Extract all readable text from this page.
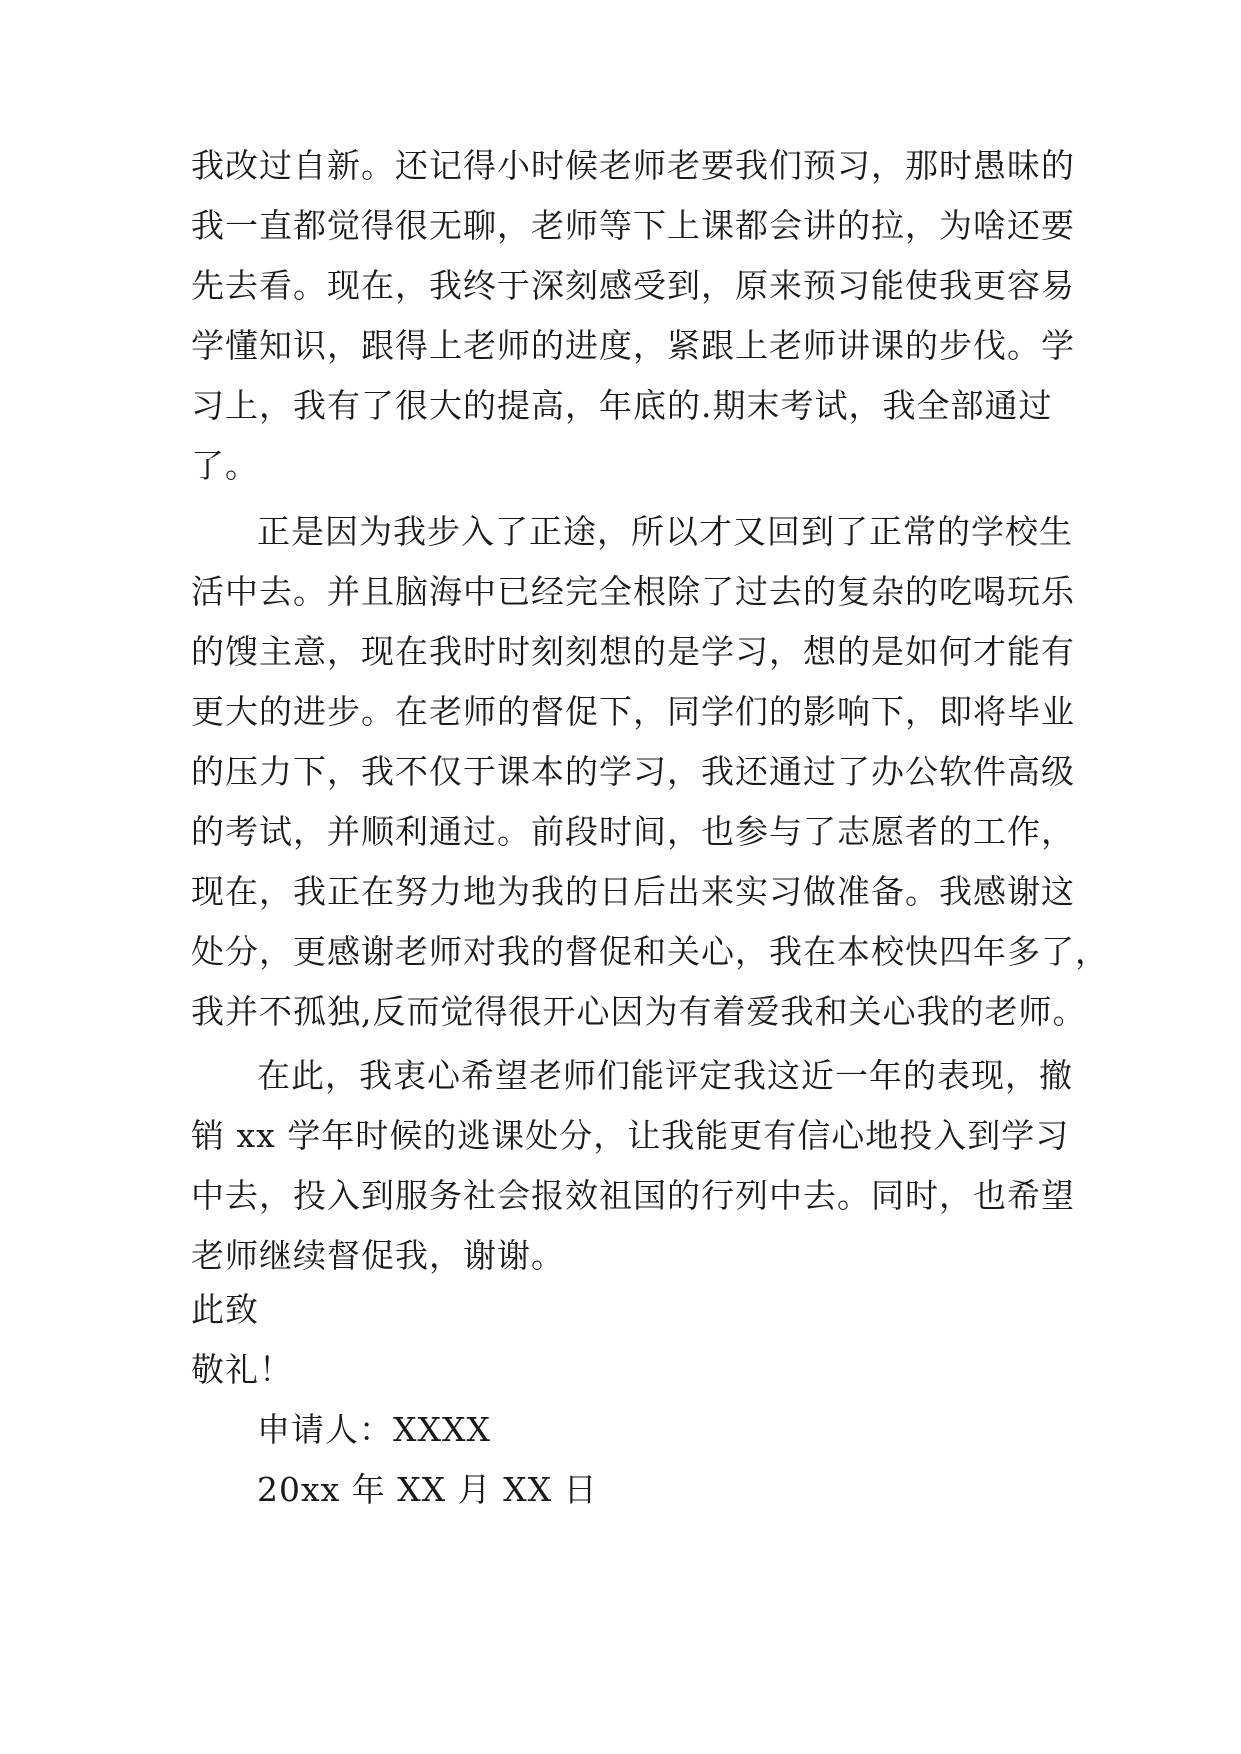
我改过自新。还记得小时候老师老要我们预习，那时愚昧的
我一直都觉得很无聊，老师等下上课都会讲的拉，为啥还要
先去看。现在，我终于深刻感受到，原来预习能使我更容易
学懂知识，跟得上老师的进度，紧跟上老师讲课的步伐。学
习上，我有了很大的提高，年底的.期末考试，我全部通过
了。
正是因为我步入了正途，所以才又回到了正常的学校生
活中去。并且脑海中已经完全根除了过去的复杂的吃喝玩乐
的馊主意，现在我时时刻刻想的是学习，想的是如何才能有
更大的进步。在老师的督促下，同学们的影响下，即将毕业
的压力下，我不仅于课本的学习，我还通过了办公软件高级
的考试，并顺利通过。前段时间，也参与了志愿者的工作，
现在，我正在努力地为我的日后出来实习做准备。我感谢这
处分，更感谢老师对我的督促和关心，我在本校快四年多了，
我并不孤独,反而觉得很开心因为有着爱我和关心我的老师。
在此，我衷心希望老师们能评定我这近一年的表现，撤
销 xx 学年时候的逃课处分，让我能更有信心地投入到学习
中去，投入到服务社会报效祖国的行列中去。同时，也希望
老师继续督促我，谢谢。
此致
敬礼！
申请人：XXXX
20xx 年 XX 月 XX 日
